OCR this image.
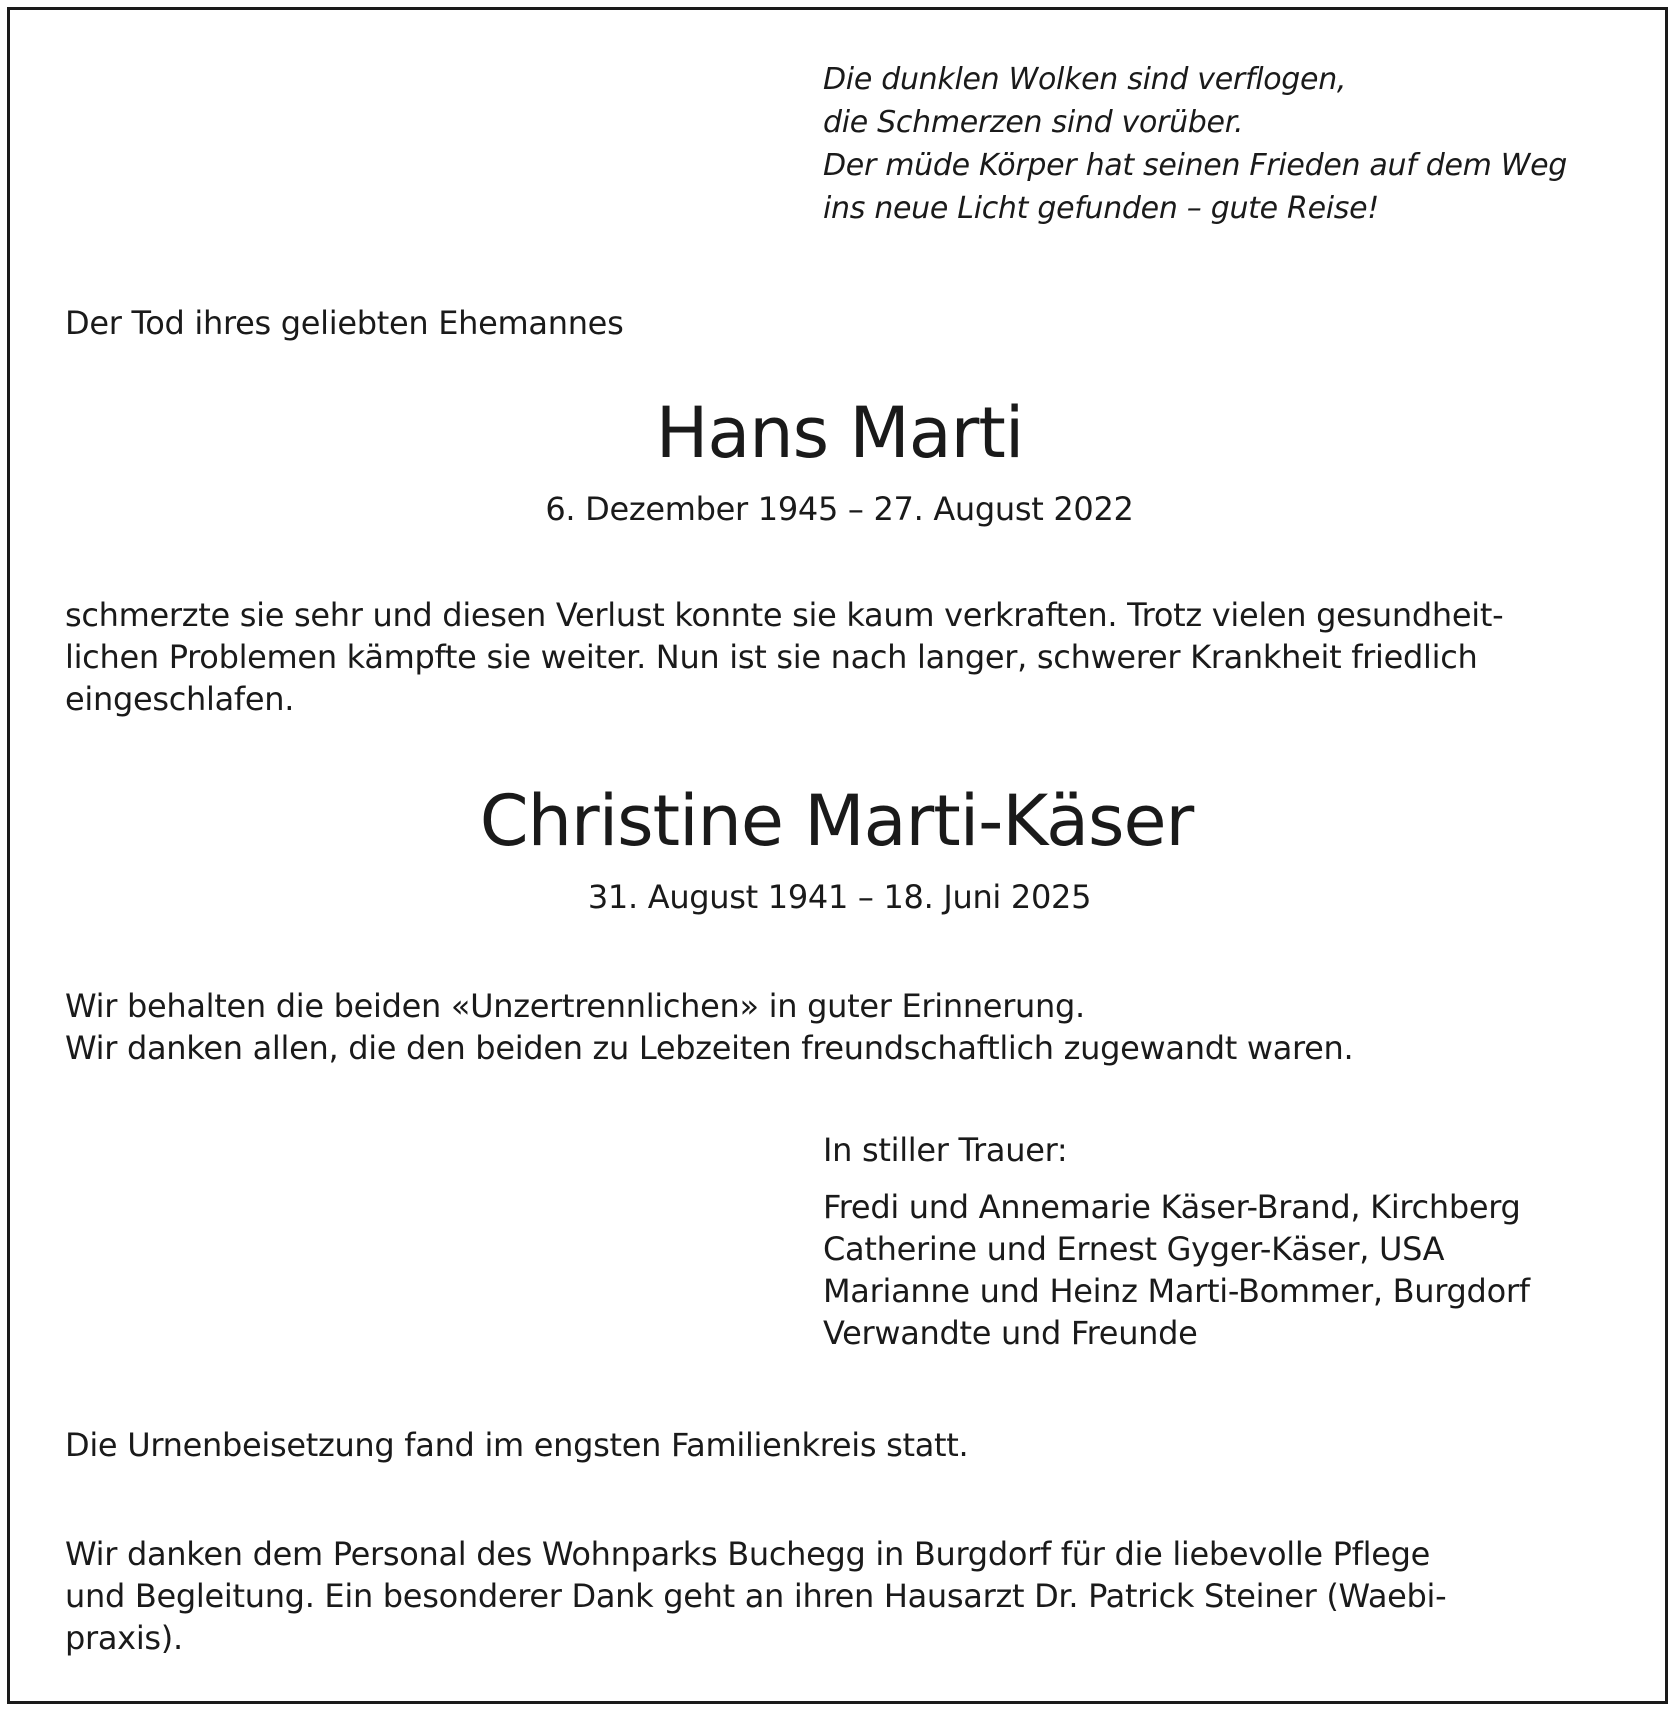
Die dunklen Wolken sind verflogen,
die Schmerzen sind vorüber.
Der müde Körper hat seinen Frieden auf dem Weg
ins neue Licht gefunden – gute Reise!
Der Tod ihres geliebten Ehemannes
Hans Marti
6. Dezember 1945 – 27. August 2022
schmerzte sie sehr und diesen Verlust konnte sie kaum verkraften. Trotz vielen gesundheit-
lichen Problemen kämpfte sie weiter. Nun ist sie nach langer, schwerer Krankheit friedlich
eingeschlafen.
Christine Marti-Käser
31. August 1941 – 18. Juni 2025
Wir behalten die beiden «Unzertrennlichen» in guter Erinnerung.
Wir danken allen, die den beiden zu Lebzeiten freundschaftlich zugewandt waren.
In stiller Trauer:
Fredi und Annemarie Käser-Brand, Kirchberg
Catherine und Ernest Gyger-Käser, USA
Marianne und Heinz Marti-Bommer, Burgdorf
Verwandte und Freunde
Die Urnenbeisetzung fand im engsten Familienkreis statt.
Wir danken dem Personal des Wohnparks Buchegg in Burgdorf für die liebevolle Pflege
und Begleitung. Ein besonderer Dank geht an ihren Hausarzt Dr. Patrick Steiner (Waebi-
praxis).
